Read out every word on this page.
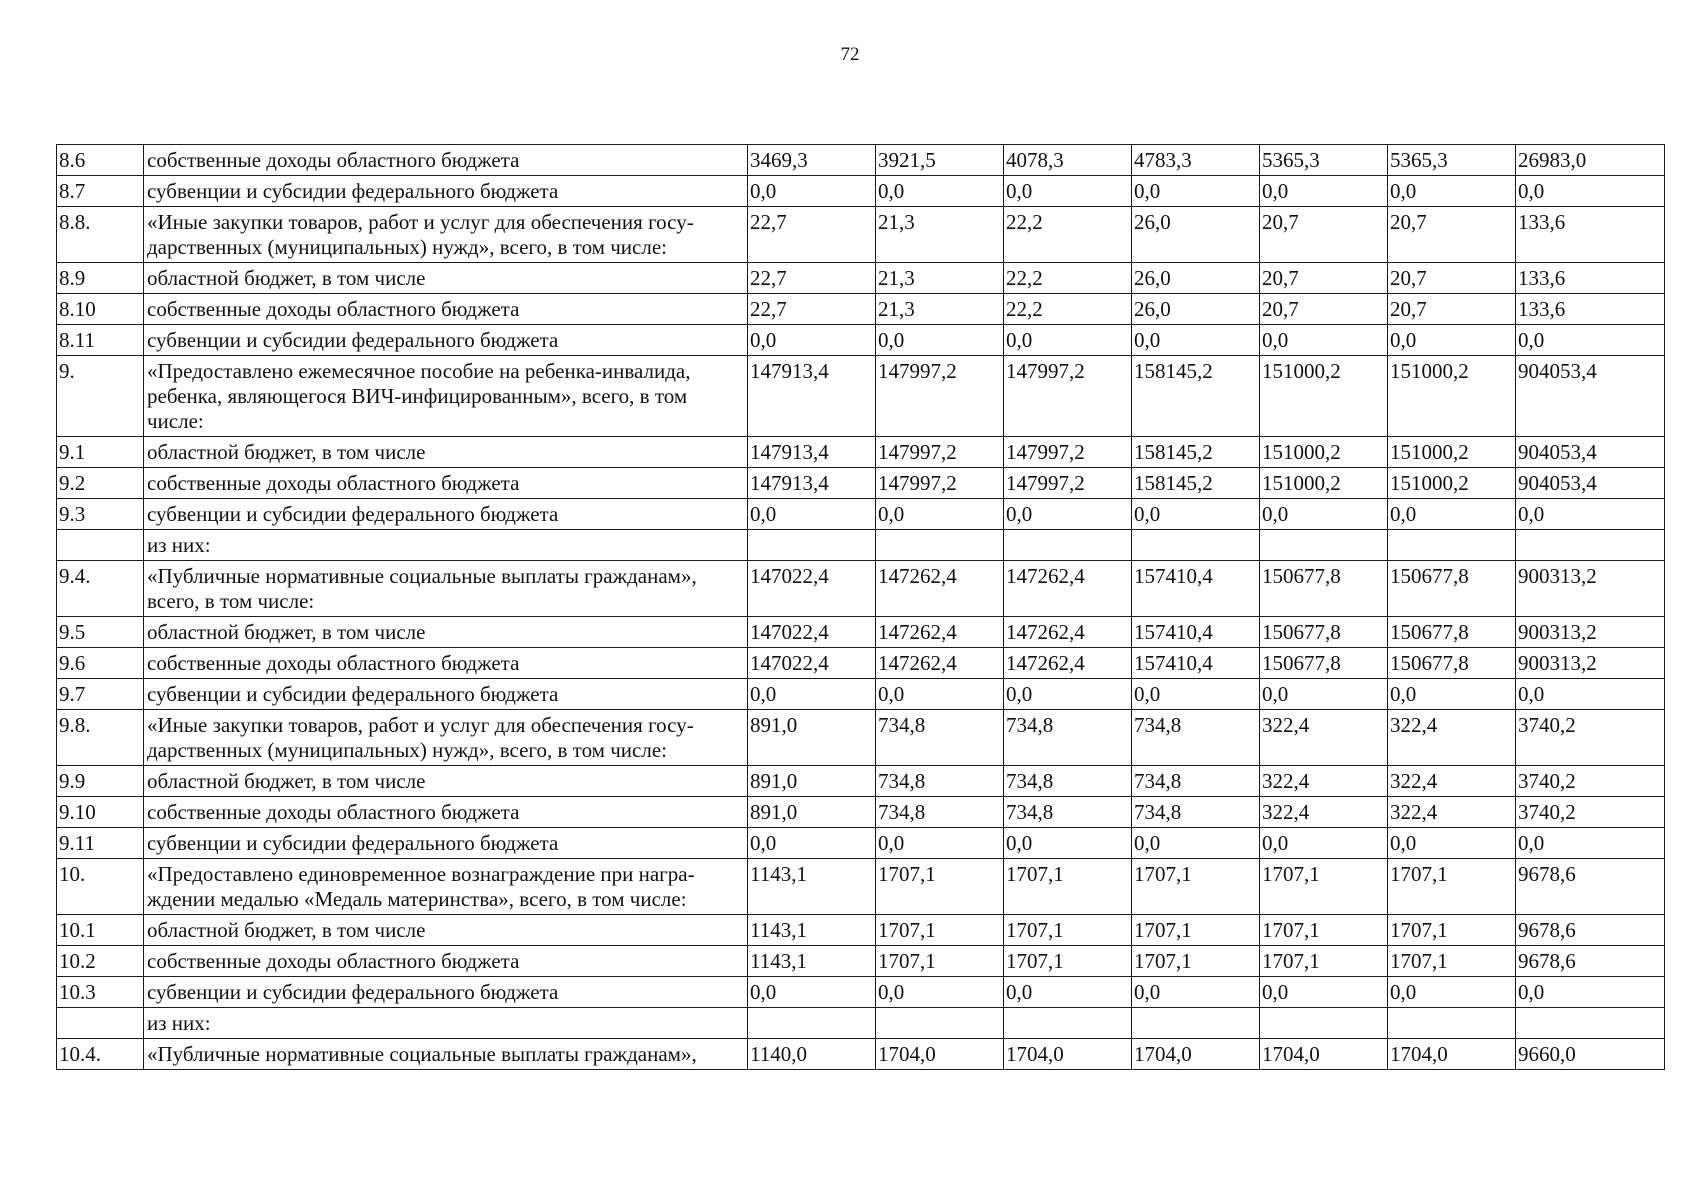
72
8.6	собственные доходы областного бюджета	3469,3	3921,5	4078,3	4783,3	5365,3	5365,3	26983,0
8.7	субвенции и субсидии федерального бюджета	0,0	0,0	0,0	0,0	0,0	0,0	0,0
8.8.	«Иные закупки товаров, работ и услуг для обеспечения госу-дарственных (муниципальных) нужд», всего, в том числе:	22,7	21,3	22,2	26,0	20,7	20,7	133,6
8.9	областной бюджет, в том числе	22,7	21,3	22,2	26,0	20,7	20,7	133,6
8.10	собственные доходы областного бюджета	22,7	21,3	22,2	26,0	20,7	20,7	133,6
8.11	субвенции и субсидии федерального бюджета	0,0	0,0	0,0	0,0	0,0	0,0	0,0
9.	«Предоставлено ежемесячное пособие на ребенка-инвалида, ребенка, являющегося ВИЧ-инфицированным», всего, в том числе:	147913,4	147997,2	147997,2	158145,2	151000,2	151000,2	904053,4
9.1	областной бюджет, в том числе	147913,4	147997,2	147997,2	158145,2	151000,2	151000,2	904053,4
9.2	собственные доходы областного бюджета	147913,4	147997,2	147997,2	158145,2	151000,2	151000,2	904053,4
9.3	субвенции и субсидии федерального бюджета	0,0	0,0	0,0	0,0	0,0	0,0	0,0
	из них:							
9.4.	«Публичные нормативные социальные выплаты гражданам», всего, в том числе:	147022,4	147262,4	147262,4	157410,4	150677,8	150677,8	900313,2
9.5	областной бюджет, в том числе	147022,4	147262,4	147262,4	157410,4	150677,8	150677,8	900313,2
9.6	собственные доходы областного бюджета	147022,4	147262,4	147262,4	157410,4	150677,8	150677,8	900313,2
9.7	субвенции и субсидии федерального бюджета	0,0	0,0	0,0	0,0	0,0	0,0	0,0
9.8.	«Иные закупки товаров, работ и услуг для обеспечения госу-дарственных (муниципальных) нужд», всего, в том числе:	891,0	734,8	734,8	734,8	322,4	322,4	3740,2
9.9	областной бюджет, в том числе	891,0	734,8	734,8	734,8	322,4	322,4	3740,2
9.10	собственные доходы областного бюджета	891,0	734,8	734,8	734,8	322,4	322,4	3740,2
9.11	субвенции и субсидии федерального бюджета	0,0	0,0	0,0	0,0	0,0	0,0	0,0
10.	«Предоставлено единовременное вознаграждение при награ-ждении медалью «Медаль материнства», всего, в том числе:	1143,1	1707,1	1707,1	1707,1	1707,1	1707,1	9678,6
10.1	областной бюджет, в том числе	1143,1	1707,1	1707,1	1707,1	1707,1	1707,1	9678,6
10.2	собственные доходы областного бюджета	1143,1	1707,1	1707,1	1707,1	1707,1	1707,1	9678,6
10.3	субвенции и субсидии федерального бюджета	0,0	0,0	0,0	0,0	0,0	0,0	0,0
	из них:							
10.4.	«Публичные нормативные социальные выплаты гражданам»,	1140,0	1704,0	1704,0	1704,0	1704,0	1704,0	9660,0
